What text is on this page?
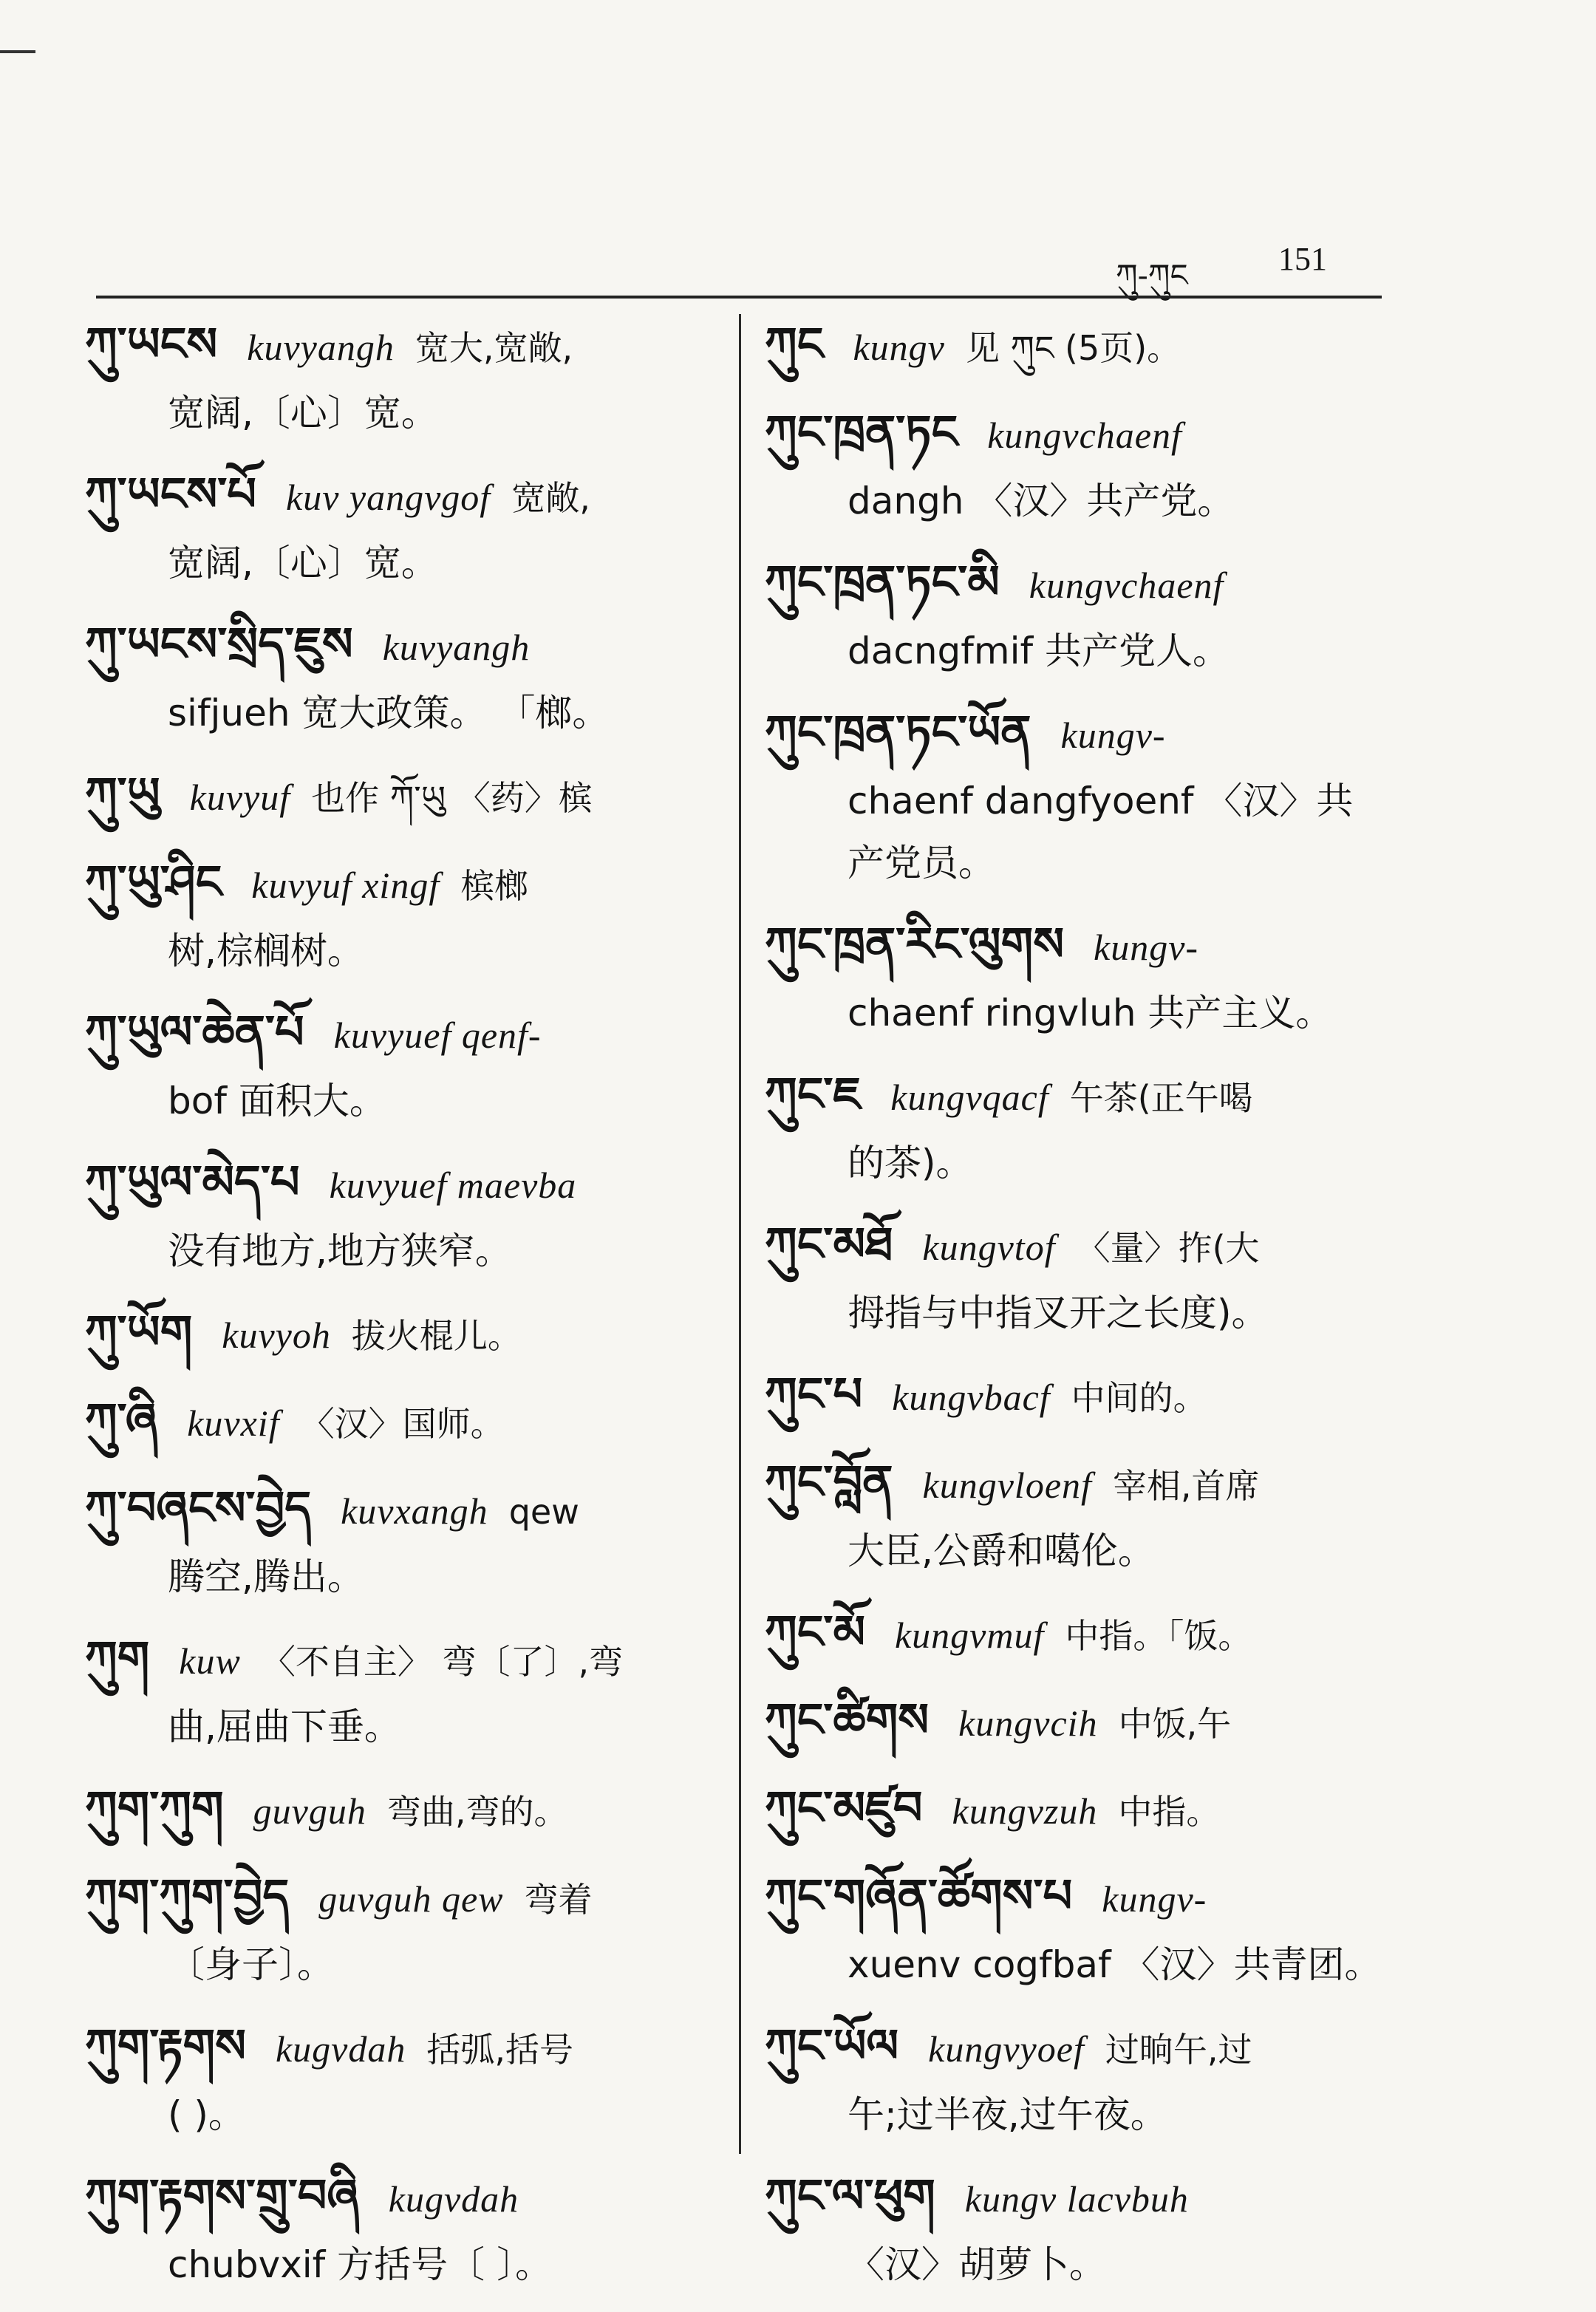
ཀུ-ཀུང	151
ཀུ་ཡངས kuvyangh 宽大,宽敞,
宽阔,〔心〕宽。
ཀུ་ཡངས་པོ kuv yangvgof 宽敞,
宽阔,〔心〕宽。
ཀུ་ཡངས་སྲིད་ཇུས kuvyangh
sifjueh 宽大政策。 「榔。
ཀུ་ཡུ kuvyuf 也作 ཀོ་ཡུ 〈药〉槟
ཀུ་ཡུ་ཤིང kuvyuf xingf 槟榔
树,棕榈树。
ཀུ་ཡུལ་ཆེན་པོ kuvyuef qenf-
bof 面积大。
ཀུ་ཡུལ་མེད་པ kuvyuef maevba
没有地方,地方狭窄。
ཀུ་ཡོག kuvyoh 拔火棍儿。
ཀུ་ཞི kuvxif 〈汉〉国师。
ཀུ་བཞངས་བྱེད kuvxangh qew
腾空,腾出。
ཀུག kuw 〈不自主〉 弯〔了〕,弯
曲,屈曲下垂。
ཀུག་ཀུག guvguh 弯曲,弯的。
ཀུག་ཀུག་བྱེད guvguh qew 弯着
〔身子〕。
ཀུག་རྟགས kugvdah 括弧,括号
( )。
ཀུག་རྟགས་གྲུ་བཞི kugvdah
chubvxif 方括号〔 〕。
ཀུང kungv 见 ཀུང (5页)。
ཀུང་ཁྲན་ཏང kungvchaenf
dangh 〈汉〉共产党。
ཀུང་ཁྲན་ཏང་མི kungvchaenf
dacngfmif 共产党人。
ཀུང་ཁྲན་ཏང་ཡོན kungv-
chaenf dangfyoenf 〈汉〉共产党员。
ཀུང་ཁྲན་རིང་ལུགས kungv-
chaenf ringvluh 共产主义。
ཀུང་ཇ kungvqacf 午茶(正午喝
的茶)。
ཀུང་མཐོ kungvtof 〈量〉拃(大
拇指与中指叉开之长度)。
ཀུང་པ kungvbacf 中间的。
ཀུང་བློན kungvloenf 宰相,首席
大臣,公爵和噶伦。
ཀུང་མོ kungvmuf 中指。「饭。
ཀུང་ཚིགས kungvcih 中饭,午
ཀུང་མཛུབ kungvzuh 中指。
ཀུང་གཞོན་ཚོགས་པ kungv-
xuenv cogfbaf 〈汉〉共青团。
ཀུང་ཡོལ kungvyoef 过晌午,过
午;过半夜,过午夜。
ཀུང་ལ་ཕུག kungv lacvbuh
〈汉〉胡萝卜。
